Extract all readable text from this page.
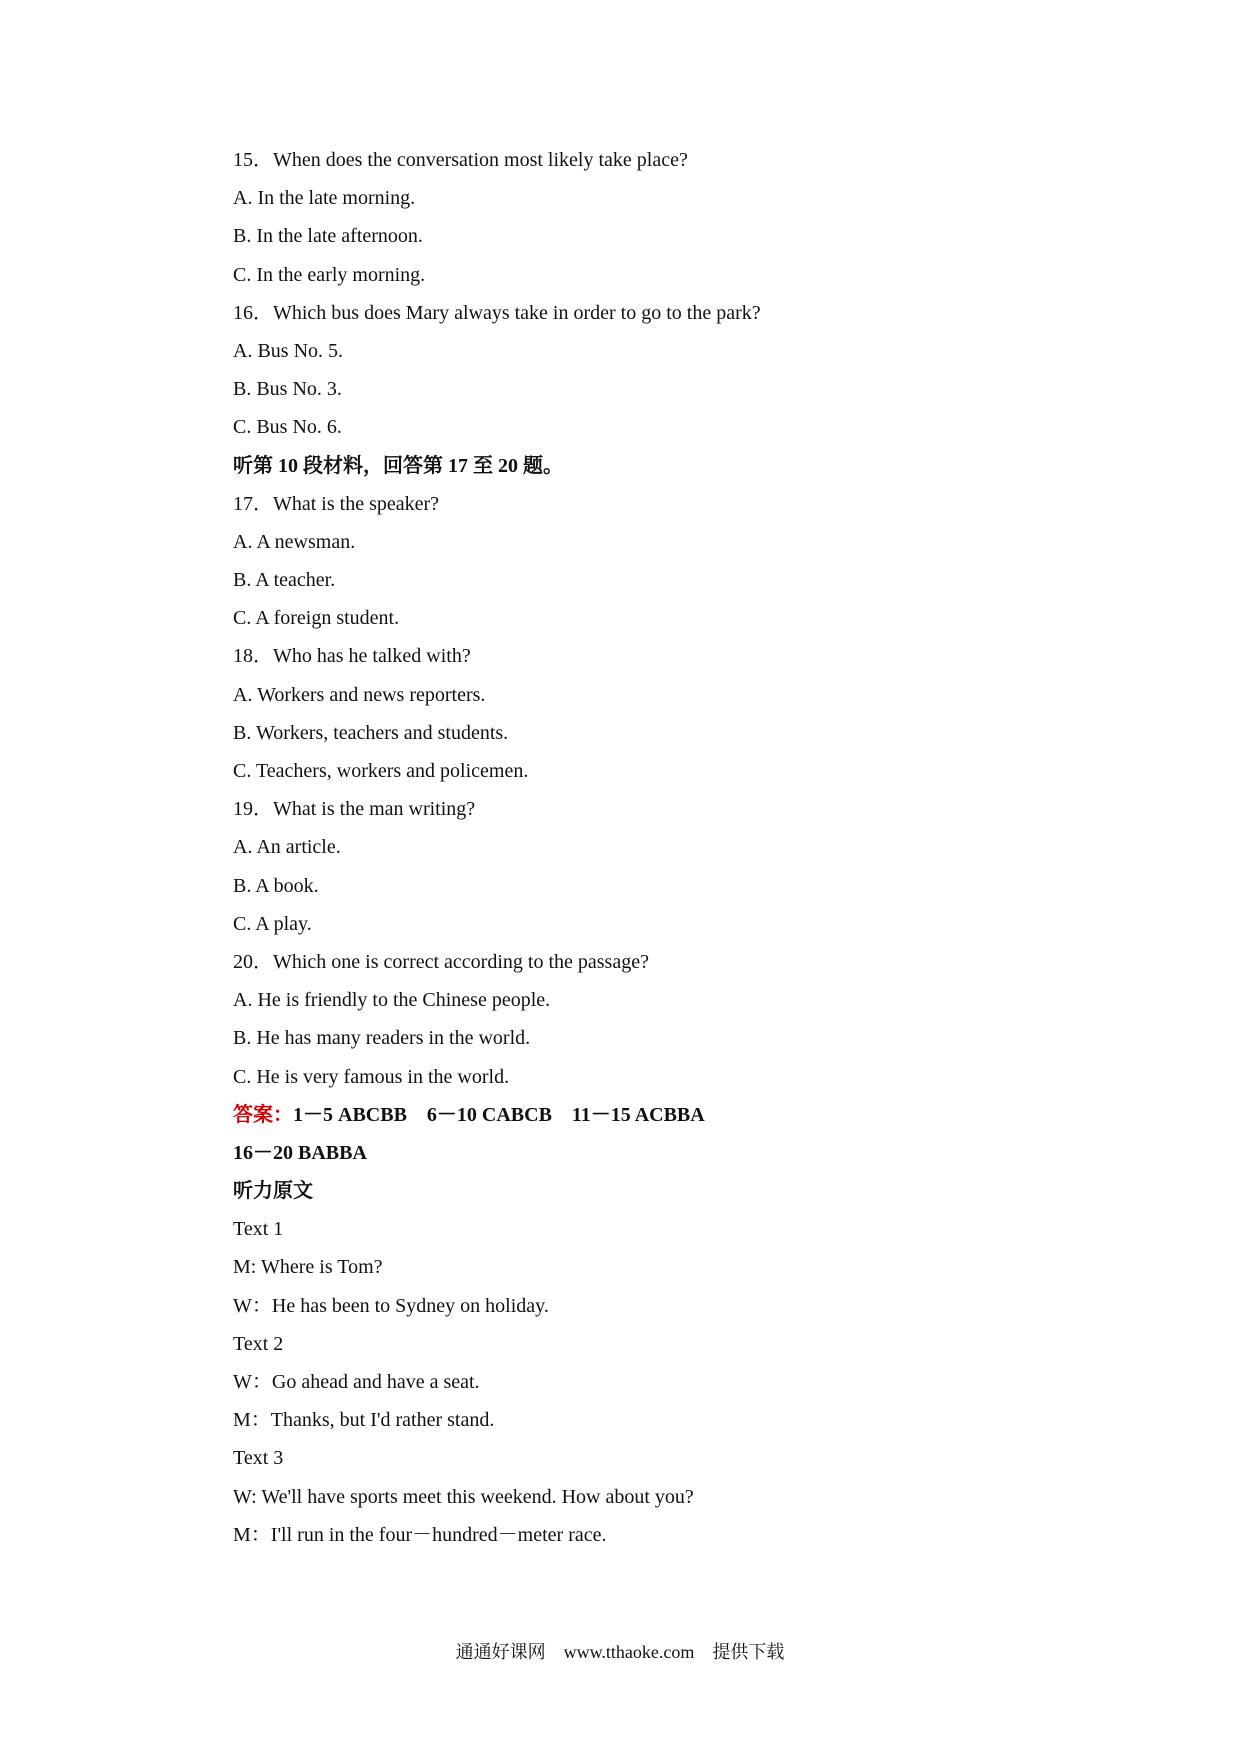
15．When does the conversation most likely take place?
A. In the late morning.
B. In the late afternoon.
C. In the early morning.
16．Which bus does Mary always take in order to go to the park?
A. Bus No. 5.
B. Bus No. 3.
C. Bus No. 6.
听第 10 段材料，回答第 17 至 20 题。
17．What is the speaker?
A. A newsman.
B. A teacher.
C. A foreign student.
18．Who has he talked with?
A. Workers and news reporters.
B. Workers, teachers and students.
C. Teachers, workers and policemen.
19．What is the man writing?
A. An article.
B. A book.
C. A play.
20．Which one is correct according to the passage?
A. He is friendly to the Chinese people.
B. He has many readers in the world.
C. He is very famous in the world.
答案：1－5 ABCBB　6－10 CABCB　11－15 ACBBA
16－20 BABBA
听力原文
Text 1
M: Where is Tom?
W：He has been to Sydney on holiday.
Text 2
W：Go ahead and have a seat.
M：Thanks, but I'd rather stand.
Text 3
W: We'll have sports meet this weekend. How about you?
M：I'll run in the four－hundred－meter race.
通通好课网　www.tthaoke.com　提供下载
